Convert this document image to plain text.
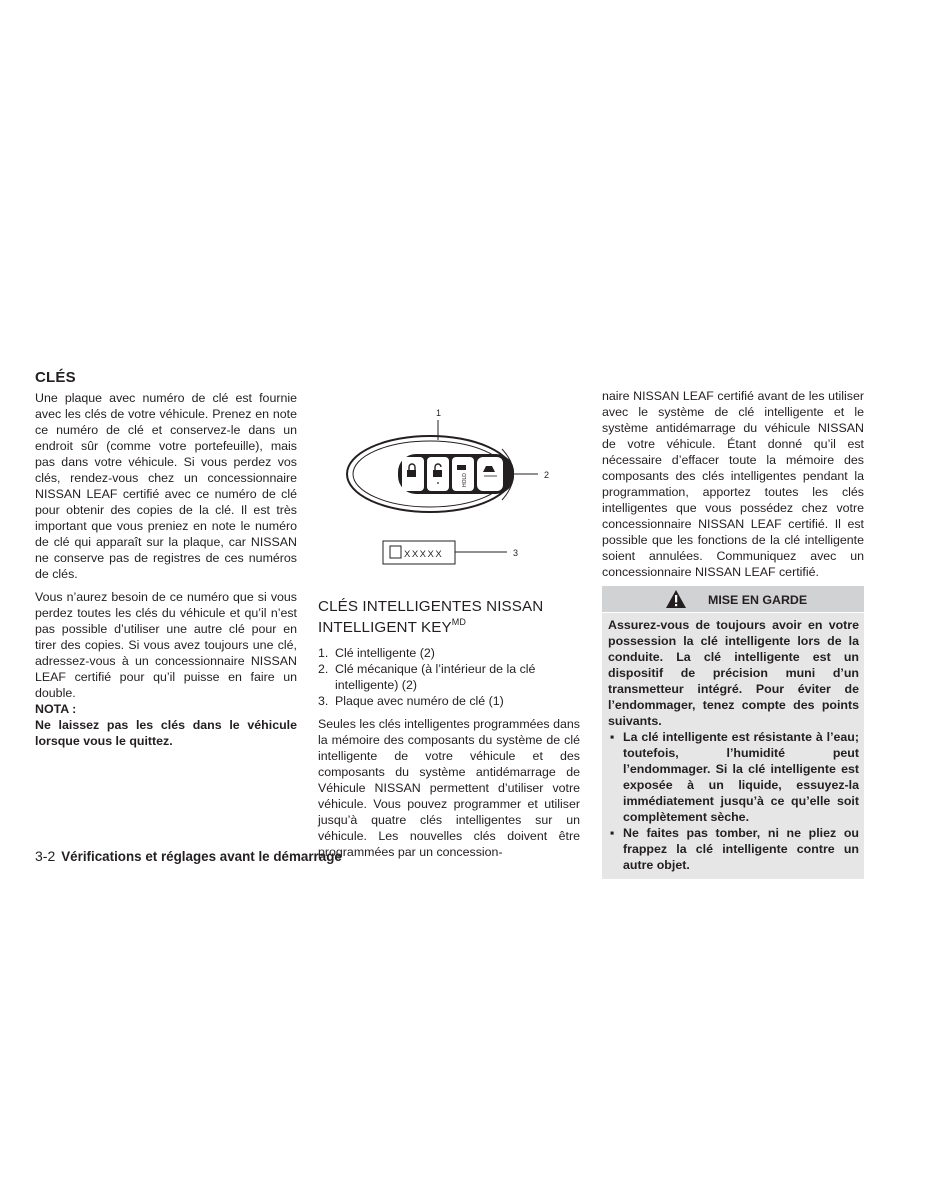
CLÉS

Une plaque avec numéro de clé est fournie avec les clés de votre véhicule. Prenez en note ce numéro de clé et conservez-le dans un endroit sûr (comme votre portefeuille), mais pas dans votre véhicule. Si vous perdez vos clés, rendez-vous chez un concessionnaire NISSAN LEAF certifié avec ce numéro de clé pour obtenir des copies de la clé. Il est très important que vous preniez en note le numéro de clé qui apparaît sur la plaque, car NISSAN ne conserve pas de registres de ces numéros de clés.

Vous n’aurez besoin de ce numéro que si vous perdez toutes les clés du véhicule et qu’il n’est pas possible d’utiliser une autre clé pour en tirer des copies. Si vous avez toujours une clé, adressez-vous à un concessionnaire NISSAN LEAF certifié pour qu’il puisse en faire un double.

NOTA :

Ne laissez pas les clés dans le véhicule lorsque vous le quittez.

1
HOLD	2
XXXXX	3
CLÉS INTELLIGENTES NISSAN INTELLIGENT $KEY^{MD}$
1. Clé intelligente (2)
2. Clé mécanique (à l’intérieur de la clé intelligente) (2)
3. Plaque avec numéro de clé (1)

Seules les clés intelligentes programmées dans la mémoire des composants du système de clé intelligente de votre véhicule et des composants du système antidémarrage de Véhicule NISSAN permettent d’utiliser votre véhicule. Vous pouvez programmer et utiliser jusqu’à quatre clés intelligentes sur un véhicule. Les nouvelles clés doivent être programmées par un concession-

naire NISSAN LEAF certifié avant de les utiliser avec le système de clé intelligente et le système antidémarrage du véhicule NISSAN de votre véhicule. Étant donné qu’il est nécessaire d’effacer toute la mémoire des composants des clés intelligentes pendant la programmation, apportez toutes les clés intelligentes que vous possédez chez votre concessionnaire NISSAN LEAF certifié. Il est possible que les fonctions de la clé intelligente soient annulées. Communiquez avec un concessionnaire NISSAN LEAF certifié.

MISE EN GARDE

Assurez-vous de toujours avoir en votre possession la clé intelligente lors de la conduite. La clé intelligente est un dispositif de précision muni d’un transmetteur intégré. Pour éviter de l’endommager, tenez compte des points suivants.

▪ La clé intelligente est résistante à l’eau; toutefois, l’humidité peut l’endommager. Si la clé intelligente est exposée à un liquide, essuyez-la immédiatement jusqu’à ce qu’elle soit complètement sèche.
▪ Ne faites pas tomber, ni ne pliez ou frappez la clé intelligente contre un autre objet.
3-2 Vérifications et réglages avant le démarrage
